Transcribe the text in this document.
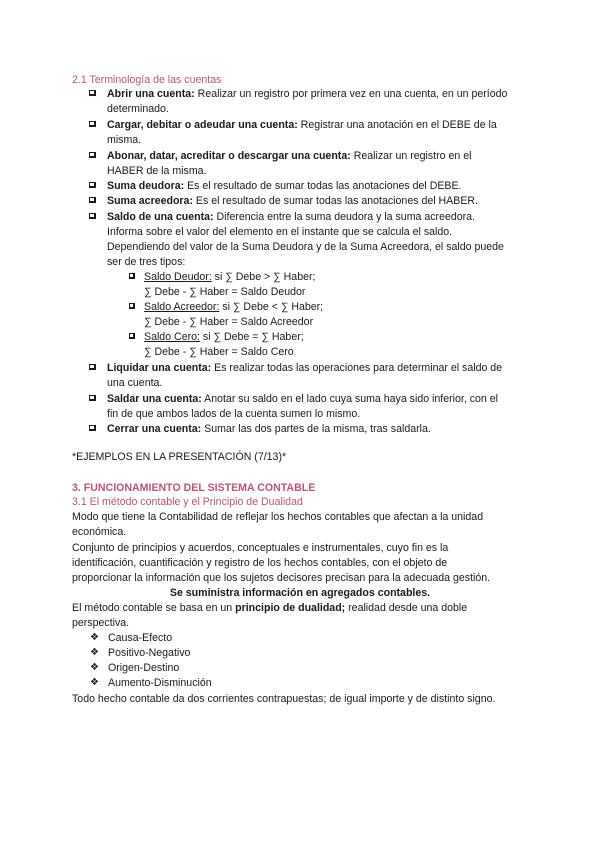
2.1 Terminología de las cuentas
Abrir una cuenta: Realizar un registro por primera vez en una cuenta, en un período
determinado.
Cargar, debitar o adeudar una cuenta: Registrar una anotación en el DEBE de la
misma.
Abonar, datar, acreditar o descargar una cuenta: Realizar un registro en el
HABER de la misma.
Suma deudora: Es el resultado de sumar todas las anotaciones del DEBE.
Suma acreedora: Es el resultado de sumar todas las anotaciones del HABER.
Saldo de una cuenta: Diferencia entre la suma deudora y la suma acreedora.
Informa sobre el valor del elemento en el instante que se calcula el saldo.
Dependiendo del valor de la Suma Deudora y de la Suma Acreedora, el saldo puede
ser de tres tipos:
Saldo Deudor: si ∑ Debe > ∑ Haber;
∑ Debe - ∑ Haber = Saldo Deudor
Saldo Acreedor: si ∑ Debe < ∑ Haber;
∑ Debe - ∑ Haber = Saldo Acreedor
Saldo Cero: si ∑ Debe = ∑ Haber;
∑ Debe - ∑ Haber = Saldo Cero
Liquidar una cuenta: Es realizar todas las operaciones para determinar el saldo de
una cuenta.
Saldar una cuenta: Anotar su saldo en el lado cuya suma haya sido inferior, con el
fin de que ambos lados de la cuenta sumen lo mismo.
Cerrar una cuenta: Sumar las dos partes de la misma, tras saldarla.
*EJEMPLOS EN LA PRESENTACIÓN (7/13)*
3. FUNCIONAMIENTO DEL SISTEMA CONTABLE
3.1 El método contable y el Principio de Dualidad
Modo que tiene la Contabilidad de reflejar los hechos contables que afectan a la unidad
económica.
Conjunto de principios y acuerdos, conceptuales e instrumentales, cuyo fin es la
identificación, cuantificación y registro de los hechos contables, con el objeto de
proporcionar la información que los sujetos decisores precisan para la adecuada gestión.
Se suministra información en agregados contables.
El método contable se basa en un principio de dualidad; realidad desde una doble
perspectiva.
❖ Causa-Efecto
❖ Positivo-Negativo
❖ Origen-Destino
❖ Aumento-Disminución
Todo hecho contable da dos corrientes contrapuestas; de igual importe y de distinto signo.
